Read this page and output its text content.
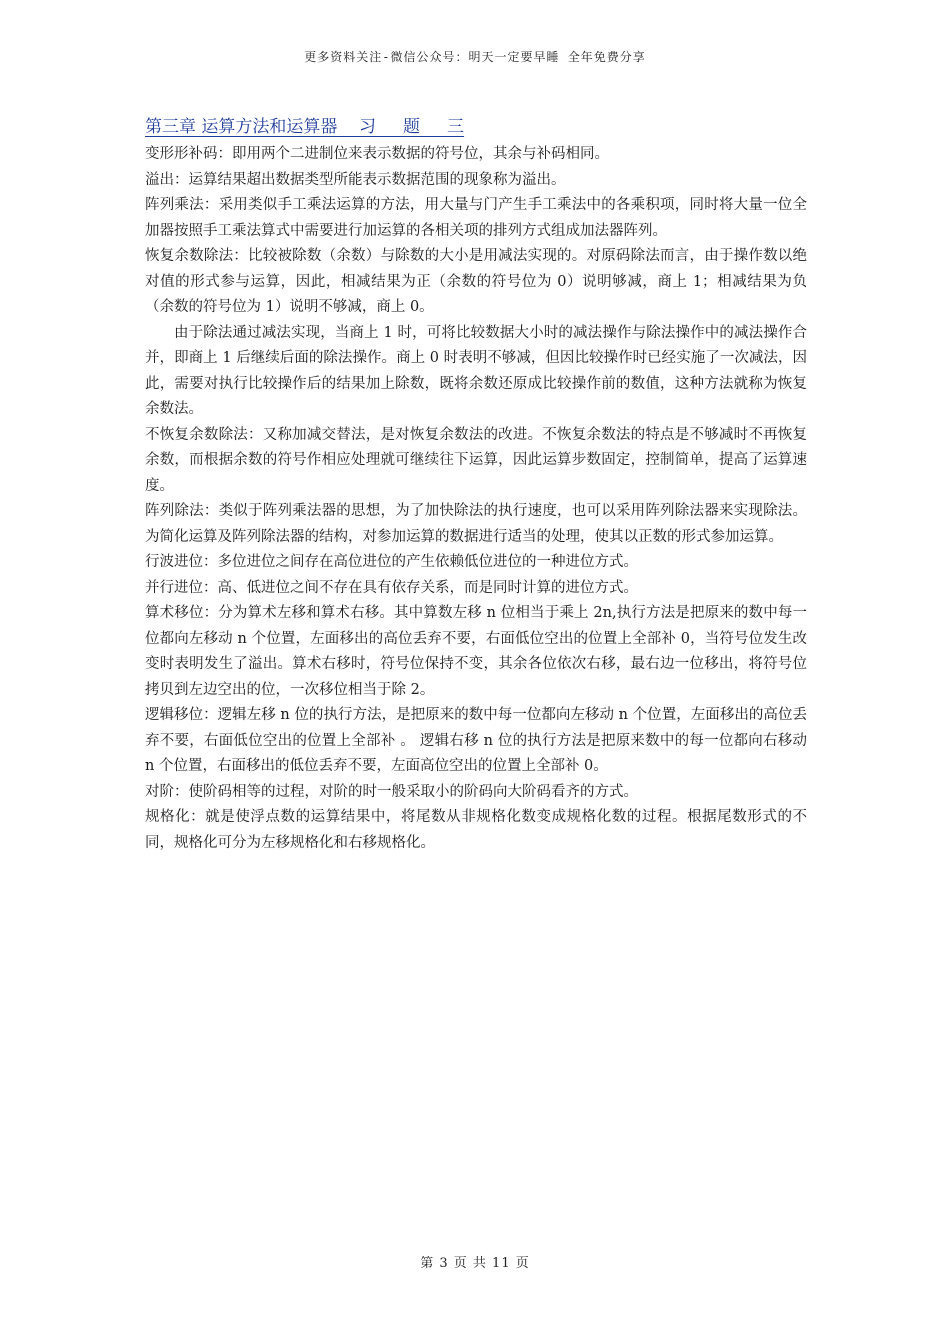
更多资料关注-微信公众号：明天一定要早睡 全年免费分享
第三章 运算方法和运算器    习     题     三

变形形补码：即用两个二进制位来表示数据的符号位，其余与补码相同。

溢出：运算结果超出数据类型所能表示数据范围的现象称为溢出。

阵列乘法：采用类似手工乘法运算的方法，用大量与门产生手工乘法中的各乘积项，同时将大量一位全加器按照手工乘法算式中需要进行加运算的各相关项的排列方式组成加法器阵列。

恢复余数除法：比较被除数（余数）与除数的大小是用减法实现的。对原码除法而言，由于操作数以绝对值的形式参与运算，因此，相减结果为正（余数的符号位为 0）说明够减，商上 1；相减结果为负（余数的符号位为 1）说明不够减，商上 0。

由于除法通过减法实现，当商上 1 时，可将比较数据大小时的减法操作与除法操作中的减法操作合并，即商上 1 后继续后面的除法操作。商上 0 时表明不够减，但因比较操作时已经实施了一次减法，因此，需要对执行比较操作后的结果加上除数，既将余数还原成比较操作前的数值，这种方法就称为恢复余数法。

不恢复余数除法：又称加减交替法，是对恢复余数法的改进。不恢复余数法的特点是不够减时不再恢复余数，而根据余数的符号作相应处理就可继续往下运算，因此运算步数固定，控制简单，提高了运算速度。

阵列除法：类似于阵列乘法器的思想，为了加快除法的执行速度，也可以采用阵列除法器来实现除法。为简化运算及阵列除法器的结构，对参加运算的数据进行适当的处理，使其以正数的形式参加运算。

行波进位：多位进位之间存在高位进位的产生依赖低位进位的一种进位方式。

并行进位：高、低进位之间不存在具有依存关系，而是同时计算的进位方式。

算术移位：分为算术左移和算术右移。其中算数左移 n 位相当于乘上 2n,执行方法是把原来的数中每一位都向左移动 n 个位置，左面移出的高位丢弃不要，右面低位空出的位置上全部补 0，当符号位发生改变时表明发生了溢出。算术右移时，符号位保持不变，其余各位依次右移，最右边一位移出，将符号位拷贝到左边空出的位，一次移位相当于除 2。

逻辑移位：逻辑左移 n 位的执行方法，是把原来的数中每一位都向左移动 n 个位置，左面移出的高位丢弃不要，右面低位空出的位置上全部补 。 逻辑右移 n 位的执行方法是把原来数中的每一位都向右移动 n 个位置，右面移出的低位丢弃不要，左面高位空出的位置上全部补 0。

对阶：使阶码相等的过程，对阶的时一般采取小的阶码向大阶码看齐的方式。

规格化：就是使浮点数的运算结果中，将尾数从非规格化数变成规格化数的过程。根据尾数形式的不同，规格化可分为左移规格化和右移规格化。

第 3 页 共 11 页
